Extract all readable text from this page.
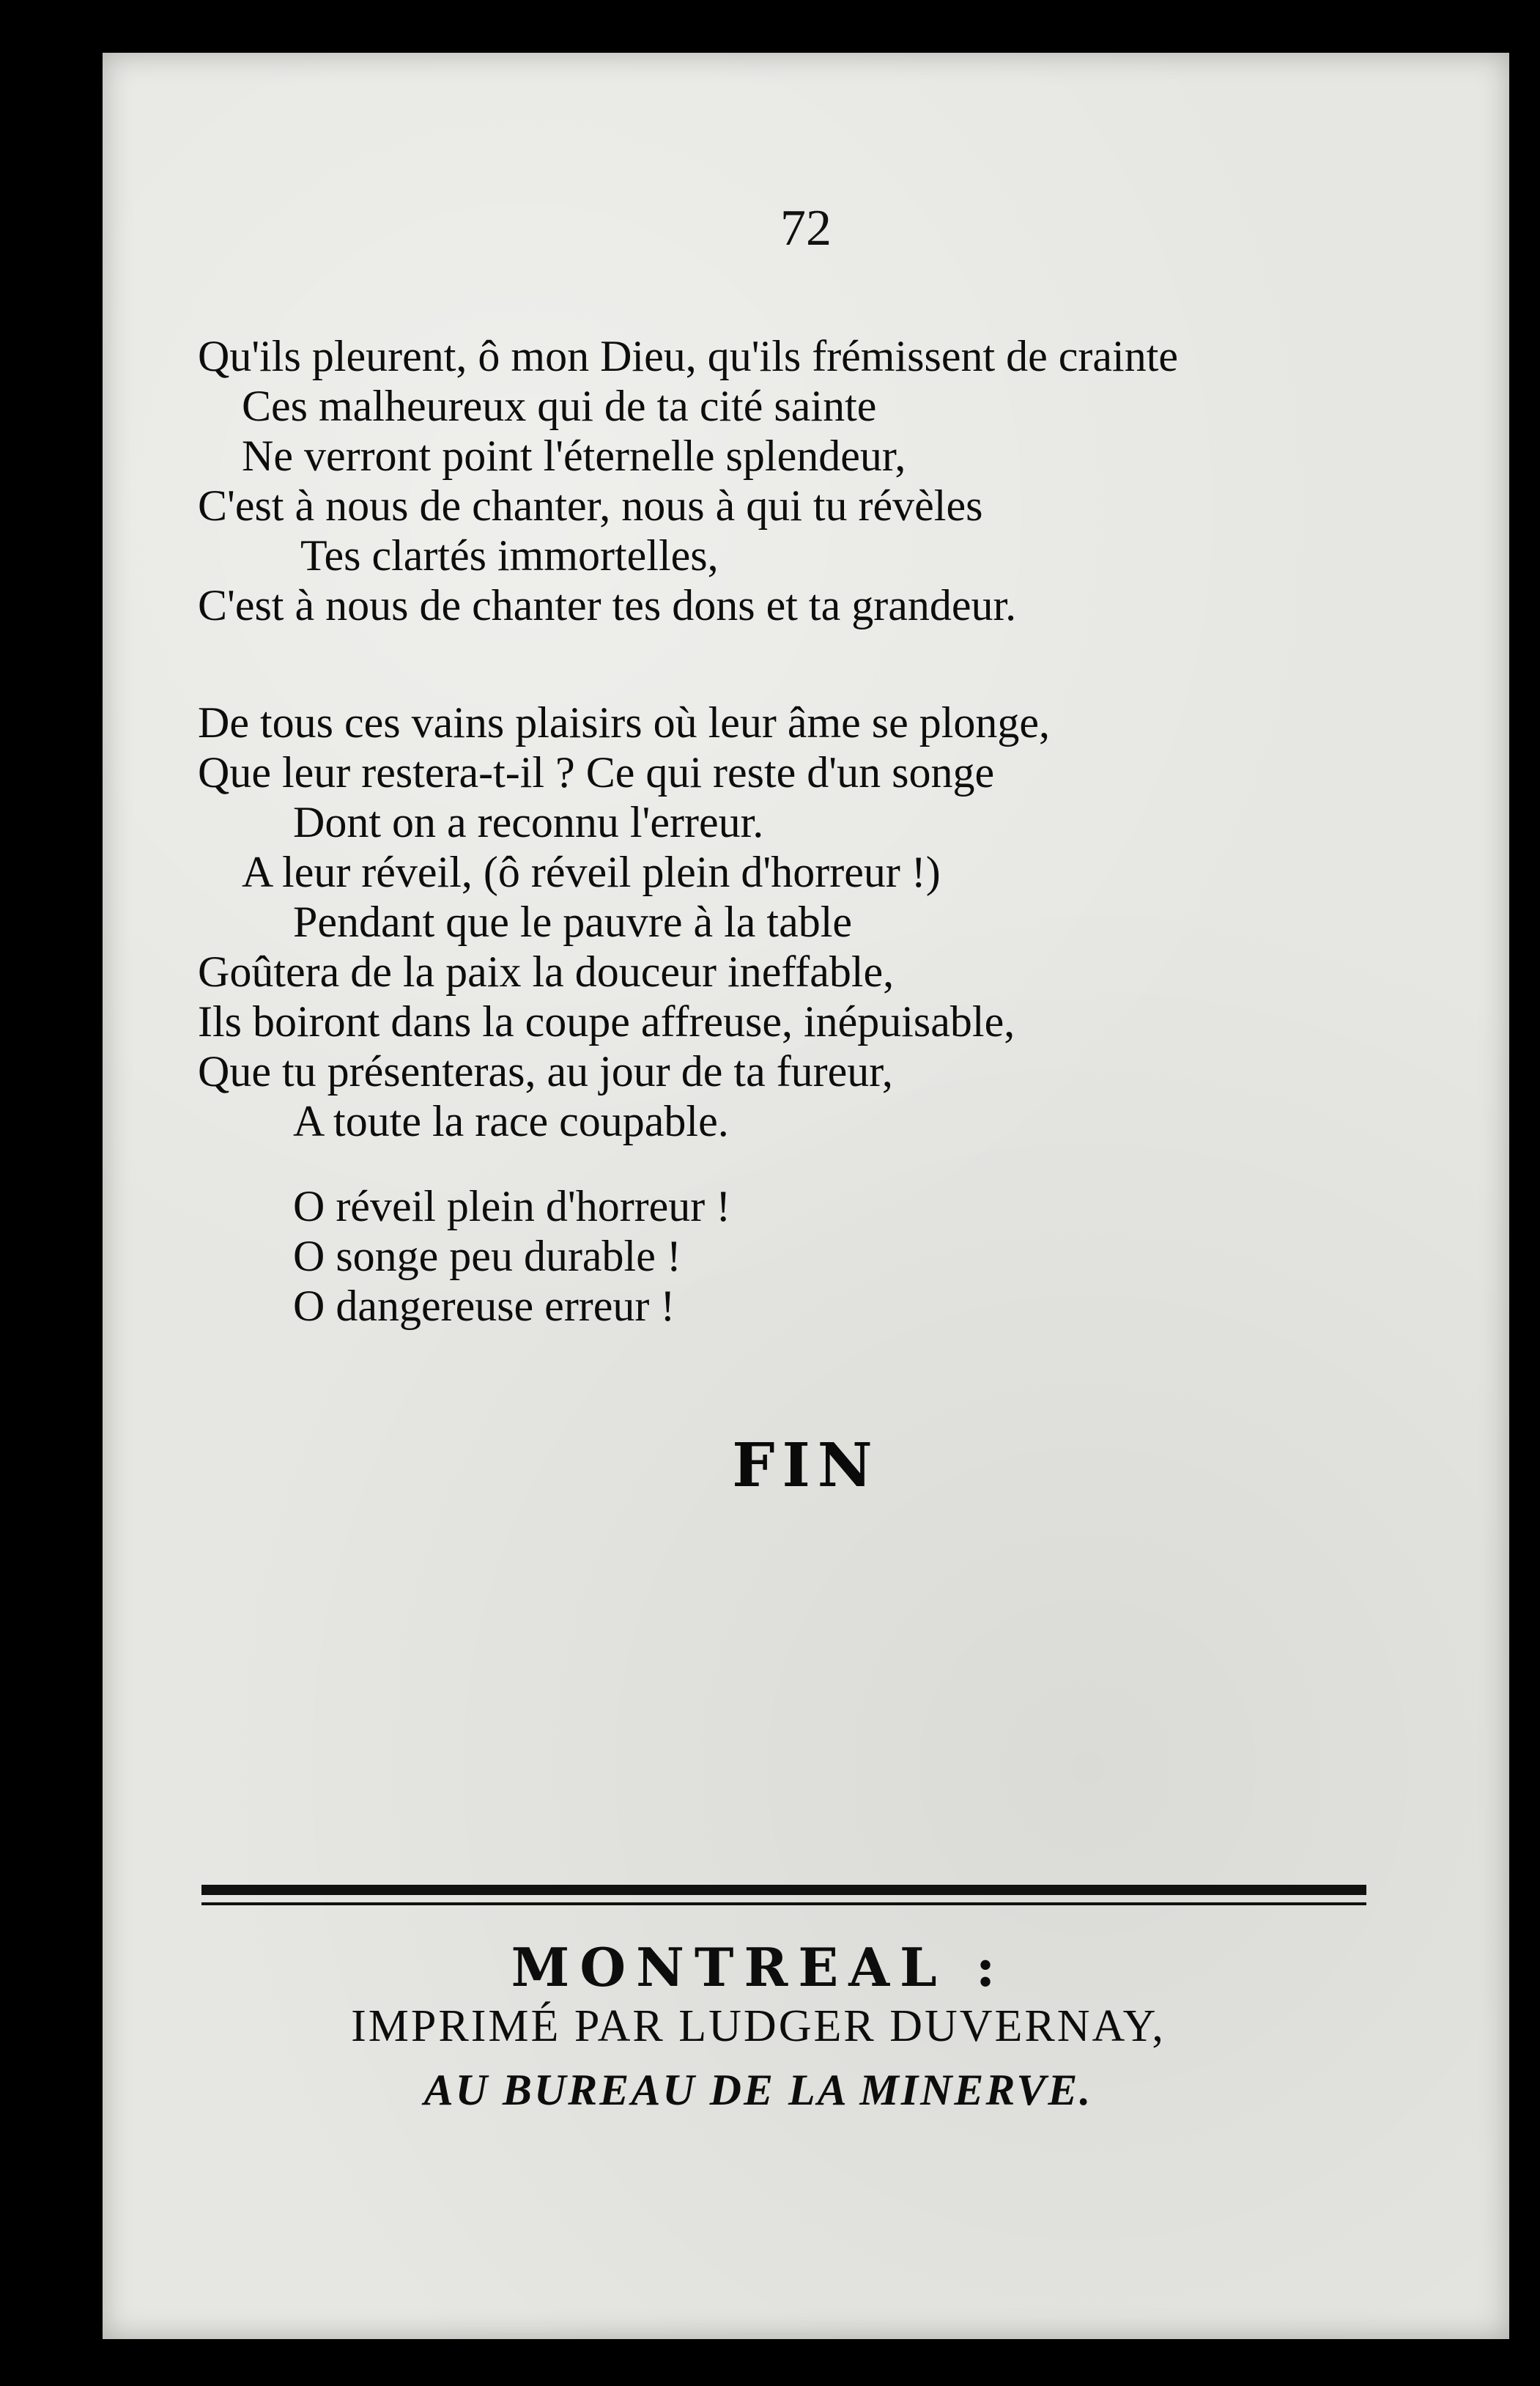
72
Qu'ils pleurent, ô mon Dieu, qu'ils frémissent de crainte
Ces malheureux qui de ta cité sainte
Ne verront point l'éternelle splendeur,
C'est à nous de chanter, nous à qui tu révèles
Tes clartés immortelles,
C'est à nous de chanter tes dons et ta grandeur.
De tous ces vains plaisirs où leur âme se plonge,
Que leur restera-t-il ? Ce qui reste d'un songe
Dont on a reconnu l'erreur.
A leur réveil, (ô réveil plein d'horreur !)
Pendant que le pauvre à la table
Goûtera de la paix la douceur ineffable,
Ils boiront dans la coupe affreuse, inépuisable,
Que tu présenteras, au jour de ta fureur,
A toute la race coupable.
O réveil plein d'horreur !
O songe peu durable !
O dangereuse erreur !
FIN
MONTREAL :
IMPRIMÉ PAR LUDGER DUVERNAY,
AU BUREAU DE LA MINERVE.
